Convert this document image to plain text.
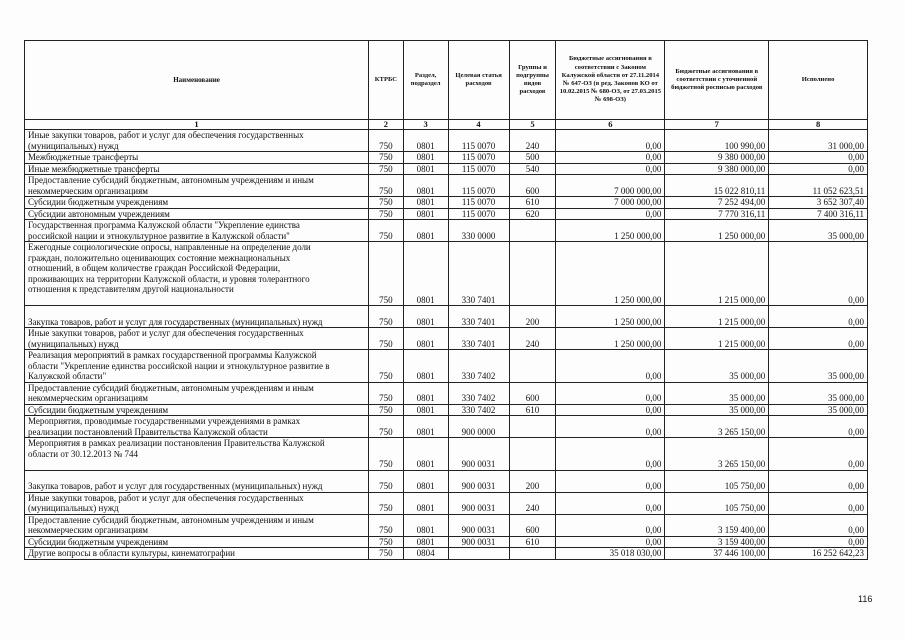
Наименование	КТРБС	Раздел, подраздел	Целевая статья расходов	Группы и подгруппы видов расходов	Бюджетные ассигнования в соответствии с Законом Калужской области от 27.11.2014 № 647-ОЗ (в ред. Законов КО от 10.02.2015 № 680-ОЗ, от 27.03.2015 № 698-ОЗ)	Бюджетные ассигнования в соответствии с уточненной бюджетной росписью расходов	Исполнено
1	2	3	4	5	6	7	8

Иные закупки товаров, работ и услуг для обеспечения государственных
(муниципальных) нужд	750	0801	115 0070	240	0,00	100 990,00	31 000,00

Межбюджетные трансферты	750	0801	115 0070	500	0,00	9 380 000,00	0,00

Иные межбюджетные трансферты	750	0801	115 0070	540	0,00	9 380 000,00	0,00

Предоставление субсидий бюджетным, автономным учреждениям и иным
некоммерческим организациям	750	0801	115 0070	600	7 000 000,00	15 022 810,11	11 052 623,51

Субсидии бюджетным учреждениям	750	0801	115 0070	610	7 000 000,00	7 252 494,00	3 652 307,40

Субсидии автономным учреждениям	750	0801	115 0070	620	0,00	7 770 316,11	7 400 316,11

Государственная программа Калужской области "Укрепление единства
российской нации и этнокультурное развитие в Калужской области"	750	0801	330 0000		1 250 000,00	1 250 000,00	35 000,00

Ежегодные социологические опросы, направленные на определение доли
граждан, положительно оценивающих состояние межнациональных
отношений, в общем количестве граждан Российской Федерации,
проживающих на территории Калужской области, и уровня толерантного
отношения к представителям другой национальности	750	0801	330 7401		1 250 000,00	1 215 000,00	0,00

Закупка товаров, работ и услуг для государственных (муниципальных) нужд	750	0801	330 7401	200	1 250 000,00	1 215 000,00	0,00

Иные закупки товаров, работ и услуг для обеспечения государственных
(муниципальных) нужд	750	0801	330 7401	240	1 250 000,00	1 215 000,00	0,00

Реализация мероприятий в рамках государственной программы Калужской
области "Укрепление единства российской нации и этнокультурное развитие в
Калужской области"	750	0801	330 7402		0,00	35 000,00	35 000,00

Предоставление субсидий бюджетным, автономным учреждениям и иным
некоммерческим организациям	750	0801	330 7402	600	0,00	35 000,00	35 000,00

Субсидии бюджетным учреждениям	750	0801	330 7402	610	0,00	35 000,00	35 000,00

Мероприятия, проводимые государственными учреждениями в рамках
реализации постановлений Правительства Калужской области	750	0801	900 0000		0,00	3 265 150,00	0,00

Мероприятия в рамках реализации постановления Правительства Калужской
области от 30.12.2013 № 744	750	0801	900 0031		0,00	3 265 150,00	0,00

Закупка товаров, работ и услуг для государственных (муниципальных) нужд	750	0801	900 0031	200	0,00	105 750,00	0,00

Иные закупки товаров, работ и услуг для обеспечения государственных
(муниципальных) нужд	750	0801	900 0031	240	0,00	105 750,00	0,00

Предоставление субсидий бюджетным, автономным учреждениям и иным
некоммерческим организациям	750	0801	900 0031	600	0,00	3 159 400,00	0,00

Субсидии бюджетным учреждениям	750	0801	900 0031	610	0,00	3 159 400,00	0,00

Другие вопросы в области культуры, кинематографии	750	0804			35 018 030,00	37 446 100,00	16 252 642,23
116
